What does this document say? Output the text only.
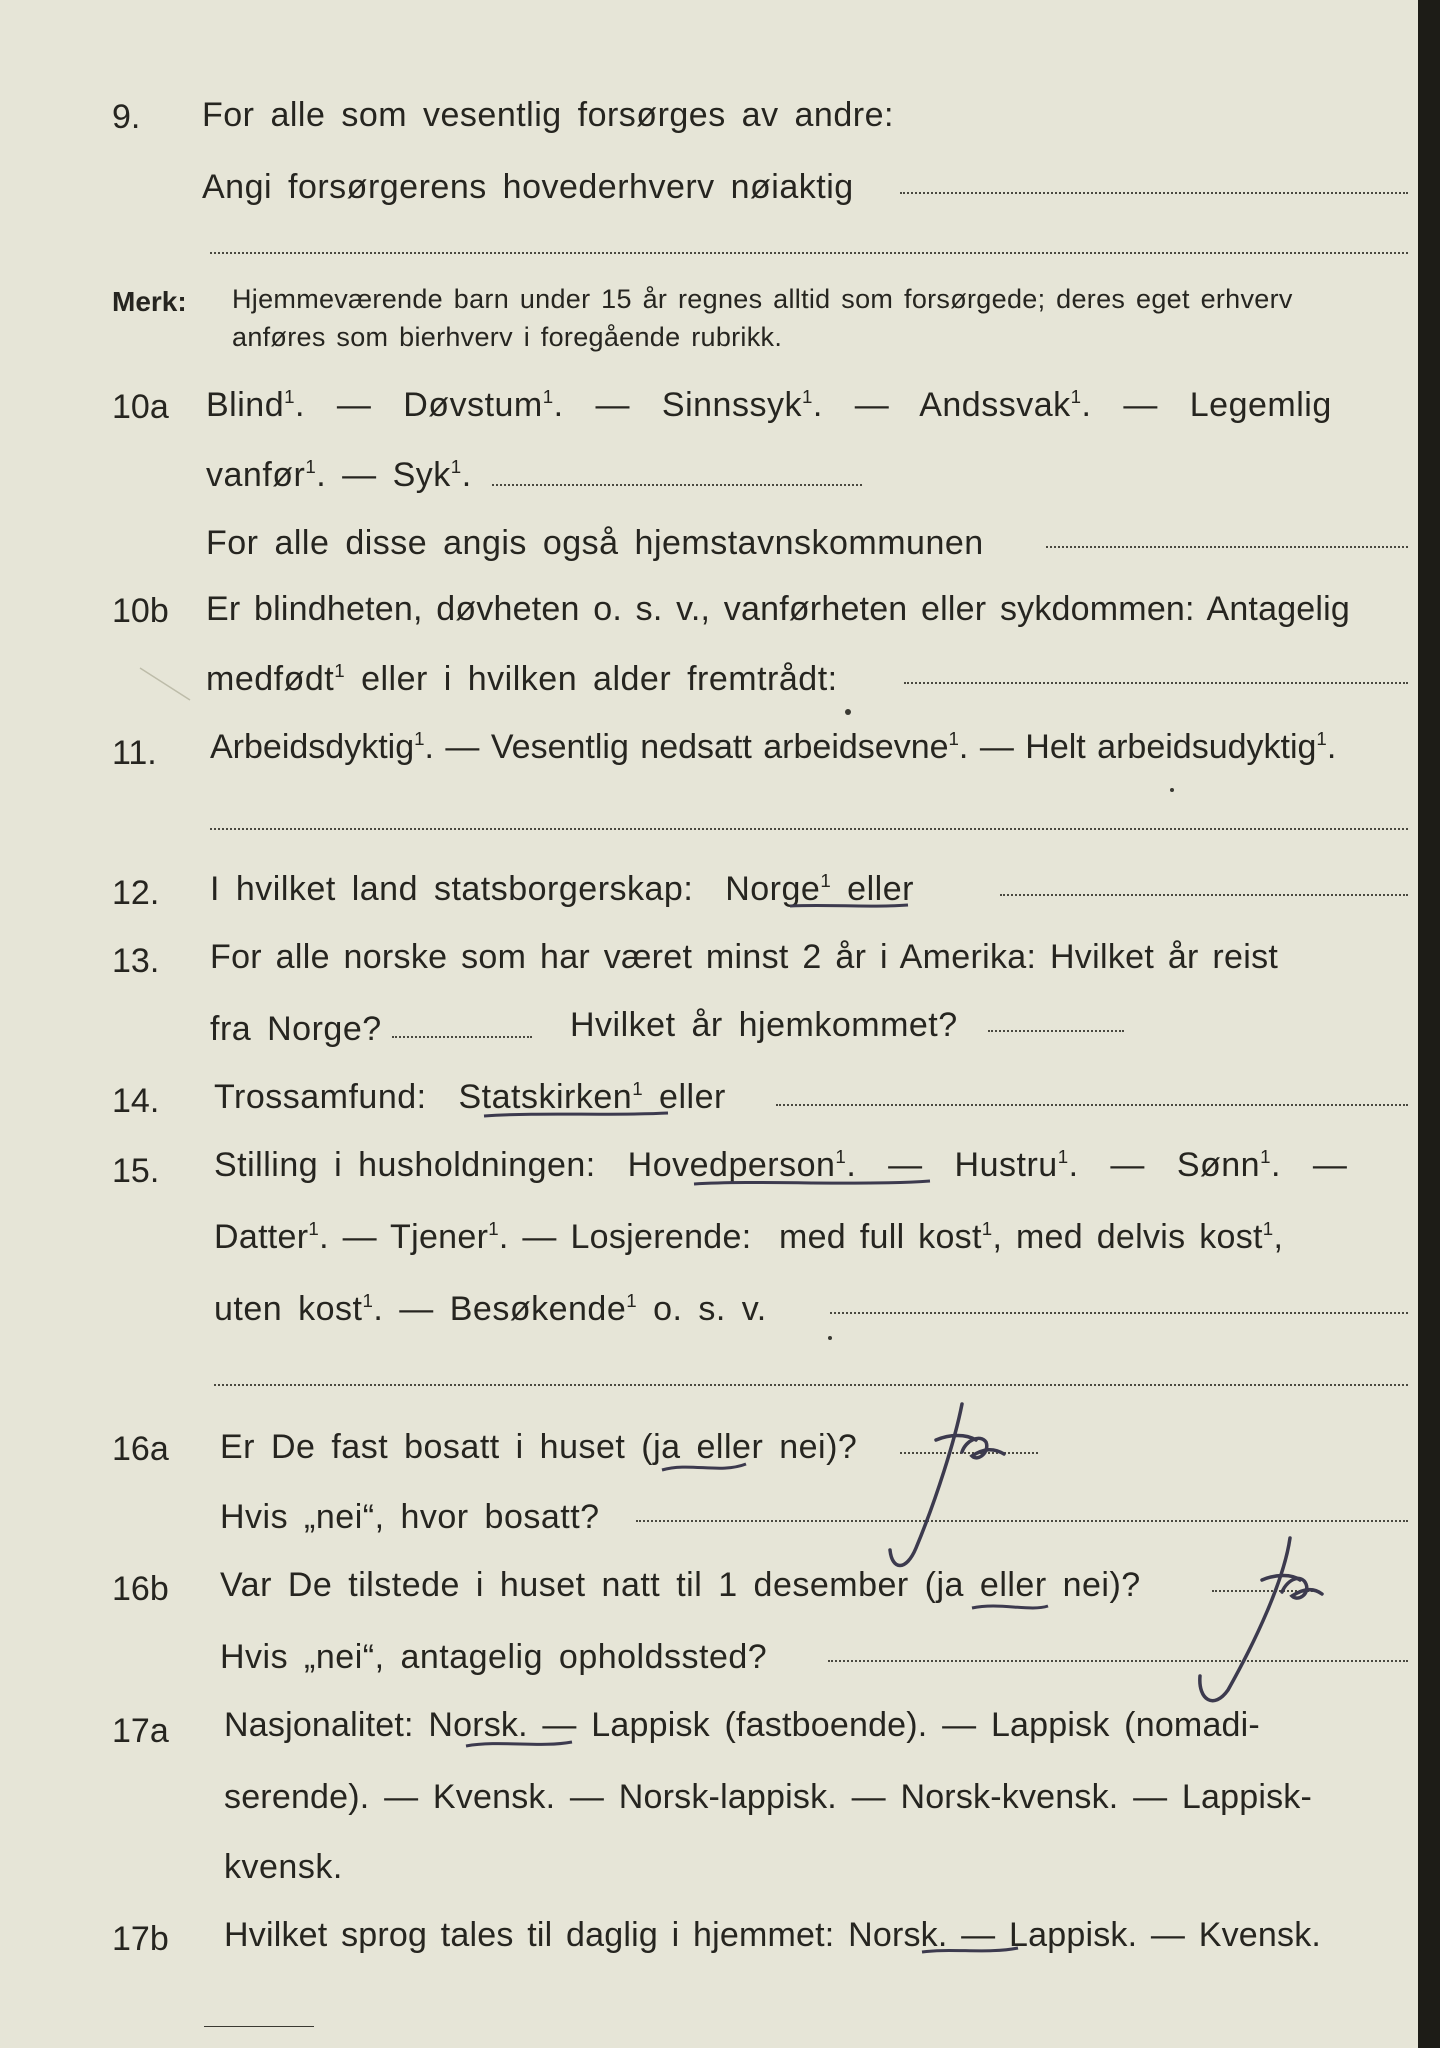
9. For alle som vesentlig forsørges av andre:
Angi forsørgerens hovederhverv nøiaktig
Merk: Hjemmeværende barn under 15 år regnes alltid som forsørgede; deres eget erhverv
anføres som bierhverv i foregående rubrikk.
10a Blind$^1$.  —  Døvstum$^1$.  —  Sinnssyk$^1$.  —  Andssvak$^1$.  —  Legemlig
vanfør$^1$. — Syk$^1$.
For alle disse angis også hjemstavnskommunen
10b Er blindheten, døvheten o. s. v., vanførheten eller sykdommen: Antagelig
medfødt$^1$ eller i hvilken alder fremtrådt:
11. Arbeidsdyktig$^1$. — Vesentlig nedsatt arbeidsevne$^1$. — Helt arbeidsudyktig$^1$.
12. I hvilket land statsborgerskap: Norge$^1$ eller
13. For alle norske som har været minst 2 år i Amerika: Hvilket år reist
fra Norge?	Hvilket år hjemkommet?
14. Trossamfund: Statskirken$^1$ eller
15. Stilling i husholdningen: Hovedperson$^1$.  —  Hustru$^1$.  —  Sønn$^1$.  —
Datter$^1$. — Tjener$^1$. — Losjerende: med full kost$^1$, med delvis kost$^1$,
uten kost$^1$. — Besøkende$^1$ o. s. v.
16a Er De fast bosatt i huset (ja eller nei)?
Hvis „nei“, hvor bosatt?
16b Var De tilstede i huset natt til 1 desember (ja eller nei)?
Hvis „nei“, antagelig opholdssted?
17a Nasjonalitet: Norsk. — Lappisk (fastboende). — Lappisk (nomadi-
serende). — Kvensk. — Norsk-lappisk. — Norsk-kvensk. — Lappisk-
kvensk.
17b Hvilket sprog tales til daglig i hjemmet: Norsk. — Lappisk. — Kvensk.
